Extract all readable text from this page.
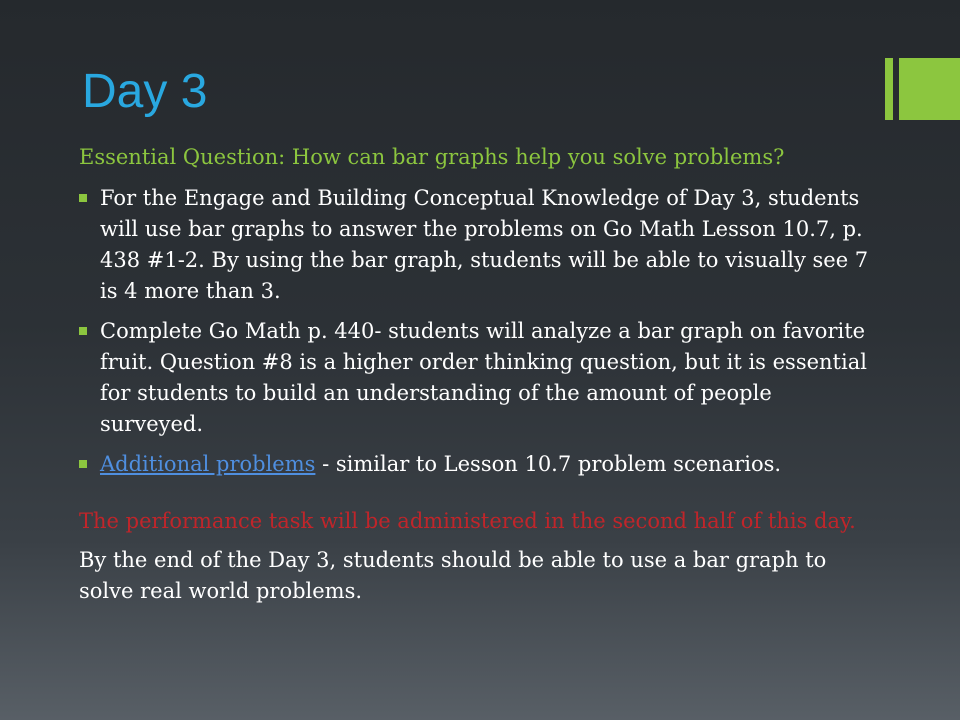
Day 3

Essential Question: How can bar graphs help you solve problems?

For the Engage and Building Conceptual Knowledge of Day 3, students will use bar graphs to answer the problems on Go Math Lesson 10.7, p. 438 #1-2. By using the bar graph, students will be able to visually see 7 is 4 more than 3.
Complete Go Math p. 440- students will analyze a bar graph on favorite fruit. Question #8 is a higher order thinking question, but it is essential for students to build an understanding of the amount of people surveyed.
Additional problems - similar to Lesson 10.7 problem scenarios.

The performance task will be administered in the second half of this day.

By the end of the Day 3, students should be able to use a bar graph to solve real world problems.
